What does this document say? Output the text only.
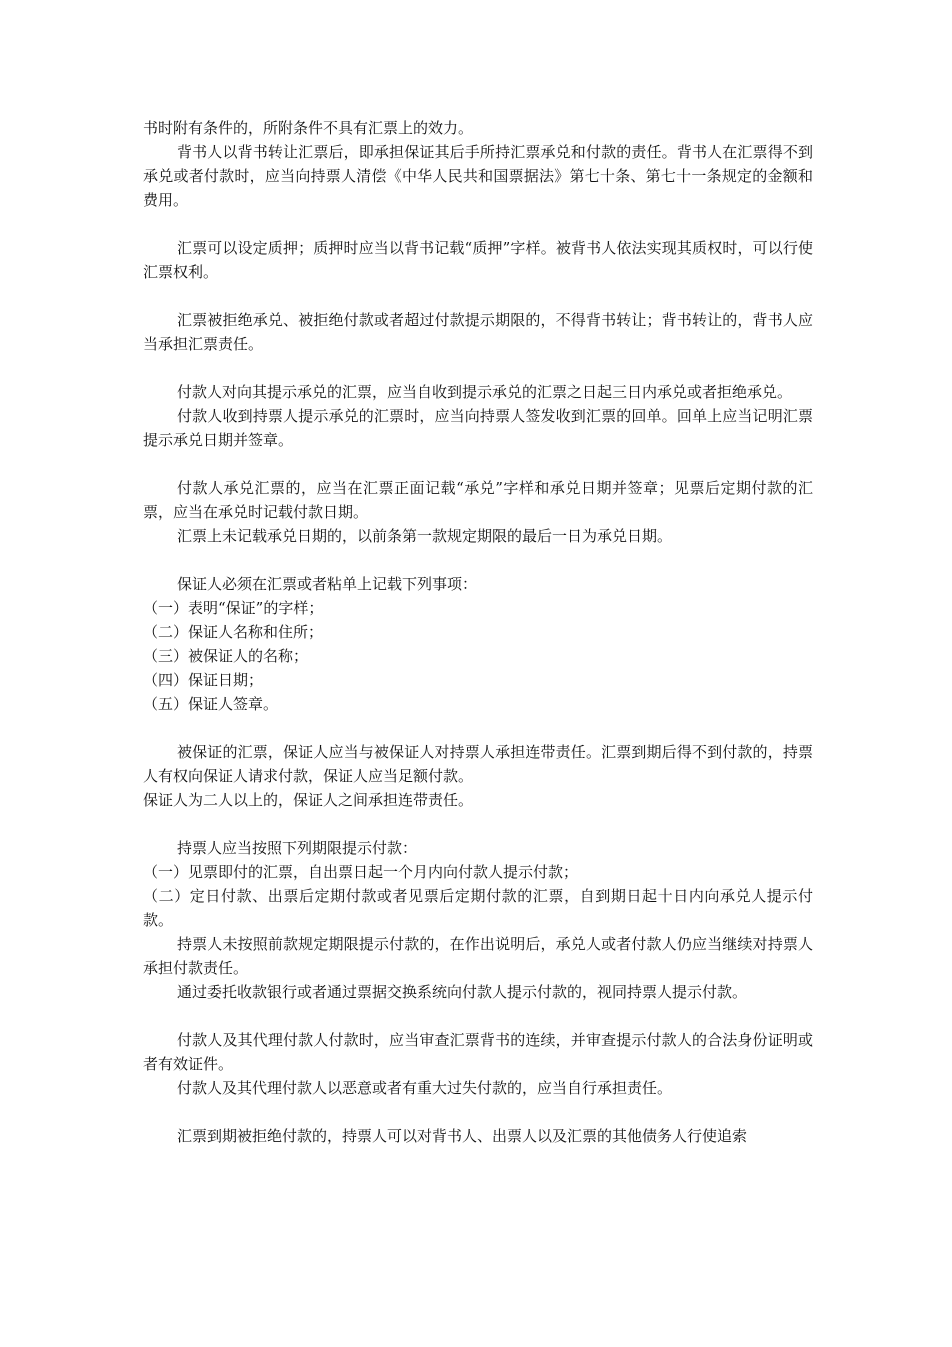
书时附有条件的，所附条件不具有汇票上的效力。

背书人以背书转让汇票后，即承担保证其后手所持汇票承兑和付款的责任。背书人在汇票得不到承兑或者付款时，应当向持票人清偿《中华人民共和国票据法》第七十条、第七十一条规定的金额和费用。

汇票可以设定质押；质押时应当以背书记载“质押”字样。被背书人依法实现其质权时，可以行使汇票权利。

汇票被拒绝承兑、被拒绝付款或者超过付款提示期限的，不得背书转让；背书转让的，背书人应当承担汇票责任。

付款人对向其提示承兑的汇票，应当自收到提示承兑的汇票之日起三日内承兑或者拒绝承兑。

付款人收到持票人提示承兑的汇票时，应当向持票人签发收到汇票的回单。回单上应当记明汇票提示承兑日期并签章。

付款人承兑汇票的，应当在汇票正面记载“承兑”字样和承兑日期并签章；见票后定期付款的汇票，应当在承兑时记载付款日期。

汇票上未记载承兑日期的，以前条第一款规定期限的最后一日为承兑日期。

保证人必须在汇票或者粘单上记载下列事项：

（一）表明“保证”的字样；

（二）保证人名称和住所；

（三）被保证人的名称；

（四）保证日期；

（五）保证人签章。

被保证的汇票，保证人应当与被保证人对持票人承担连带责任。汇票到期后得不到付款的，持票人有权向保证人请求付款，保证人应当足额付款。

保证人为二人以上的，保证人之间承担连带责任。

持票人应当按照下列期限提示付款：

（一）见票即付的汇票，自出票日起一个月内向付款人提示付款；

（二）定日付款、出票后定期付款或者见票后定期付款的汇票，自到期日起十日内向承兑人提示付款。

持票人未按照前款规定期限提示付款的，在作出说明后，承兑人或者付款人仍应当继续对持票人承担付款责任。

通过委托收款银行或者通过票据交换系统向付款人提示付款的，视同持票人提示付款。

付款人及其代理付款人付款时，应当审查汇票背书的连续，并审查提示付款人的合法身份证明或者有效证件。

付款人及其代理付款人以恶意或者有重大过失付款的，应当自行承担责任。

汇票到期被拒绝付款的，持票人可以对背书人、出票人以及汇票的其他债务人行使追索
